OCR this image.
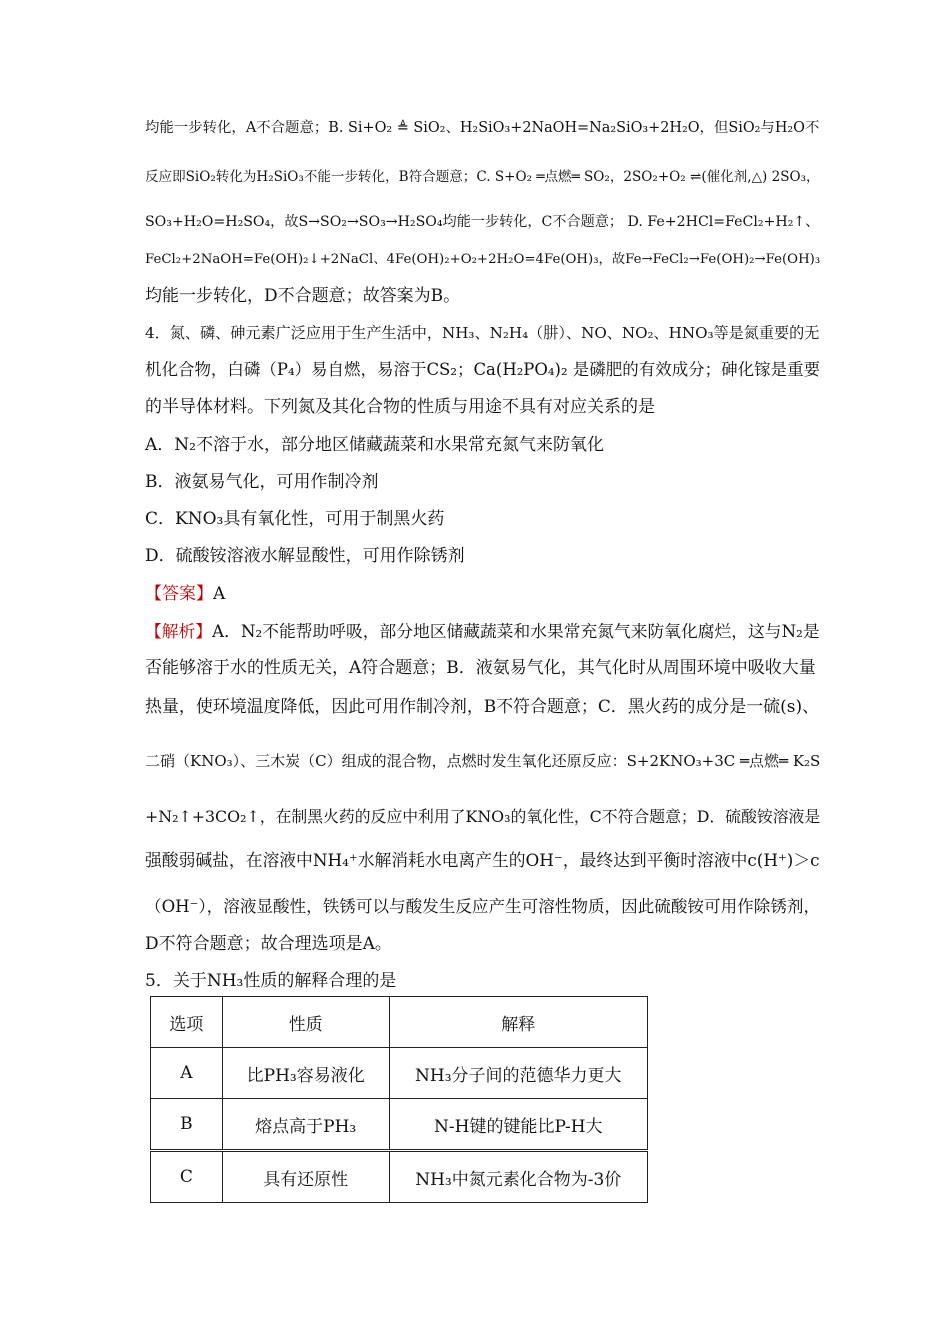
均能一步转化，A不合题意；B. Si+O₂ ≜ SiO₂、H₂SiO₃+2NaOH=Na₂SiO₃+2H₂O，但SiO₂与H₂O不
反应即SiO₂转化为H₂SiO₃不能一步转化，B符合题意；C. S+O₂ ═点燃═ SO₂，2SO₂+O₂ ⇌(催化剂,△) 2SO₃，
SO₃+H₂O=H₂SO₄，故S→SO₂→SO₃→H₂SO₄均能一步转化，C不合题意； D. Fe+2HCl=FeCl₂+H₂↑、
FeCl₂+2NaOH=Fe(OH)₂↓+2NaCl、4Fe(OH)₂+O₂+2H₂O=4Fe(OH)₃，故Fe→FeCl₂→Fe(OH)₂→Fe(OH)₃
均能一步转化，D不合题意；故答案为B。
4．氮、磷、砷元素广泛应用于生产生活中，NH₃、N₂H₄（肼）、NO、NO₂、HNO₃等是氮重要的无
机化合物，白磷（P₄）易自燃，易溶于CS₂；Ca(H₂PO₄)₂ 是磷肥的有效成分；砷化镓是重要
的半导体材料。下列氮及其化合物的性质与用途不具有对应关系的是
A．N₂不溶于水，部分地区储藏蔬菜和水果常充氮气来防氧化
B．液氨易气化，可用作制冷剂
C．KNO₃具有氧化性，可用于制黑火药
D．硫酸铵溶液水解显酸性，可用作除锈剂
【答案】A
【解析】A．N₂不能帮助呼吸，部分地区储藏蔬菜和水果常充氮气来防氧化腐烂，这与N₂是
否能够溶于水的性质无关，A符合题意；B．液氨易气化，其气化时从周围环境中吸收大量
热量，使环境温度降低，因此可用作制冷剂，B不符合题意；C．黑火药的成分是一硫(s)、
二硝（KNO₃）、三木炭（C）组成的混合物，点燃时发生氧化还原反应：S+2KNO₃+3C ═点燃═ K₂S
+N₂↑+3CO₂↑，在制黑火药的反应中利用了KNO₃的氧化性，C不符合题意；D．硫酸铵溶液是
强酸弱碱盐，在溶液中NH₄⁺水解消耗水电离产生的OH⁻，最终达到平衡时溶液中c(H⁺)＞c
（OH⁻），溶液显酸性，铁锈可以与酸发生反应产生可溶性物质，因此硫酸铵可用作除锈剂，
D不符合题意；故合理选项是A。
5．关于NH₃性质的解释合理的是
选项	性质	解释
A	比PH₃容易液化	NH₃分子间的范德华力更大
B	熔点高于PH₃	N-H键的键能比P-H大
C	具有还原性	NH₃中氮元素化合物为-3价
